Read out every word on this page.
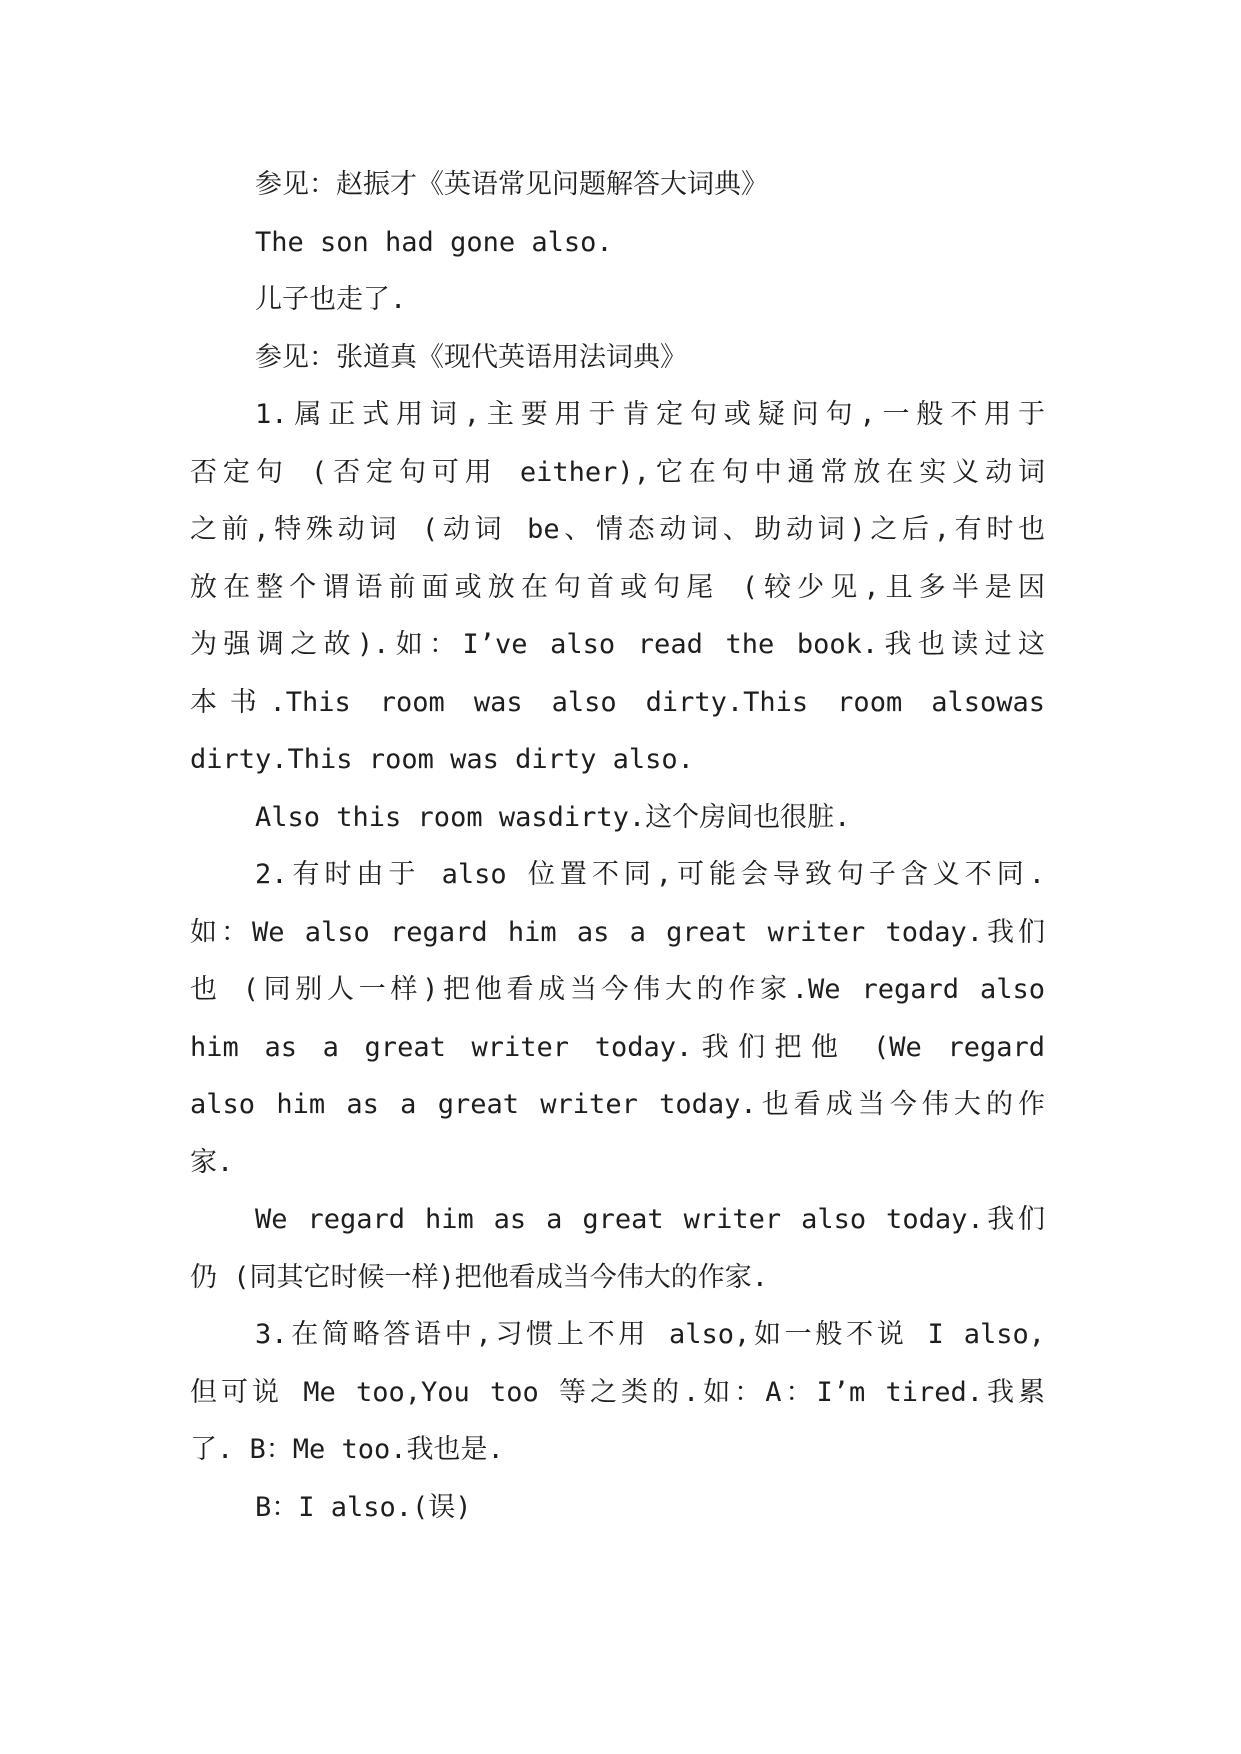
参见：赵振才《英语常见问题解答大词典》
The son had gone also.
儿子也走了.
参见：张道真《现代英语用法词典》
1.属正式用词,主要用于肯定句或疑问句,一般不用于
否定句 (否定句可用 either),它在句中通常放在实义动词
之前,特殊动词 (动词 be、情态动词、助动词)之后,有时也
放在整个谓语前面或放在句首或句尾 (较少见,且多半是因
为强调之故).如：I’ve also read the book.我也读过这
本书.This room was also dirty.This room alsowas
dirty.This room was dirty also.
Also this room wasdirty.这个房间也很脏.
2.有时由于 also 位置不同,可能会导致句子含义不同.
如：We also regard him as a great writer today.我们
也 (同别人一样)把他看成当今伟大的作家.We regard also
him as a great writer today.我们把他 (We regard
also him as a great writer today.也看成当今伟大的作
家.
We regard him as a great writer also today.我们
仍 (同其它时候一样)把他看成当今伟大的作家.
3.在简略答语中,习惯上不用 also,如一般不说 I also,
但可说 Me too,You too 等之类的.如：A：I’m tired.我累
了. B：Me too.我也是.
B：I also.(误)
